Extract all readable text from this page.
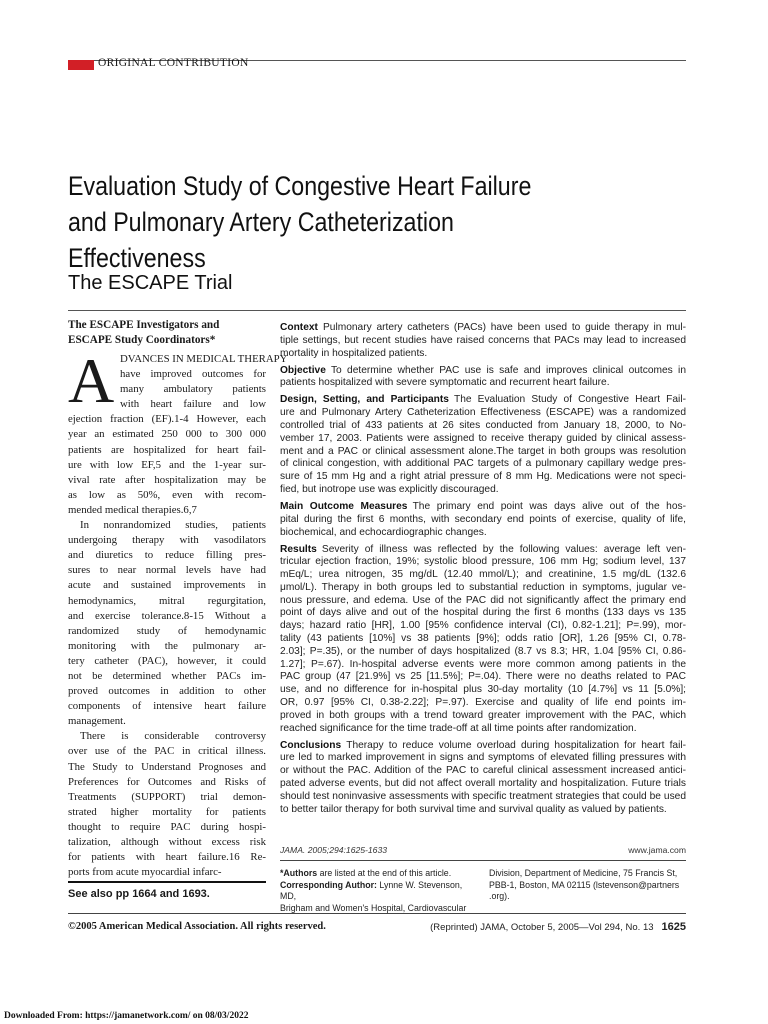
ORIGINAL CONTRIBUTION
Evaluation Study of Congestive Heart Failure
and Pulmonary Artery Catheterization
Effectiveness
The ESCAPE Trial
The ESCAPE Investigators and
ESCAPE Study Coordinators*
A DVANCES IN MEDICAL THERAPY
have improved outcomes for
many ambulatory patients
with heart failure and low
ejection fraction (EF).1-4 However, each
year an estimated 250 000 to 300 000
patients are hospitalized for heart fail-
ure with low EF,5 and the 1-year sur-
vival rate after hospitalization may be
as low as 50%, even with recom-
mended medical therapies.6,7
In nonrandomized studies, patients
undergoing therapy with vasodilators
and diuretics to reduce filling pres-
sures to near normal levels have had
acute and sustained improvements in
hemodynamics, mitral regurgitation,
and exercise tolerance.8-15 Without a
randomized study of hemodynamic
monitoring with the pulmonary ar-
tery catheter (PAC), however, it could
not be determined whether PACs im-
proved outcomes in addition to other
components of intensive heart failure
management.
There is considerable controversy
over use of the PAC in critical illness.
The Study to Understand Prognoses and
Preferences for Outcomes and Risks of
Treatments (SUPPORT) trial demon-
strated higher mortality for patients
thought to require PAC during hospi-
talization, although without excess risk
for patients with heart failure.16 Re-
ports from acute myocardial infarc-
See also pp 1664 and 1693.
Context  Pulmonary artery catheters (PACs) have been used to guide therapy in mul-
tiple settings, but recent studies have raised concerns that PACs may lead to increased
mortality in hospitalized patients.
Objective  To determine whether PAC use is safe and improves clinical outcomes in
patients hospitalized with severe symptomatic and recurrent heart failure.
Design, Setting, and Participants  The Evaluation Study of Congestive Heart Fail-
ure and Pulmonary Artery Catheterization Effectiveness (ESCAPE) was a randomized
controlled trial of 433 patients at 26 sites conducted from January 18, 2000, to No-
vember 17, 2003. Patients were assigned to receive therapy guided by clinical assess-
ment and a PAC or clinical assessment alone.The target in both groups was resolution
of clinical congestion, with additional PAC targets of a pulmonary capillary wedge pres-
sure of 15 mm Hg and a right atrial pressure of 8 mm Hg. Medications were not speci-
fied, but inotrope use was explicitly discouraged.
Main Outcome Measures  The primary end point was days alive out of the hos-
pital during the first 6 months, with secondary end points of exercise, quality of life,
biochemical, and echocardiographic changes.
Results  Severity of illness was reflected by the following values: average left ven-
tricular ejection fraction, 19%; systolic blood pressure, 106 mm Hg; sodium level, 137
mEq/L; urea nitrogen, 35 mg/dL (12.40 mmol/L); and creatinine, 1.5 mg/dL (132.6
μmol/L). Therapy in both groups led to substantial reduction in symptoms, jugular ve-
nous pressure, and edema. Use of the PAC did not significantly affect the primary end
point of days alive and out of the hospital during the first 6 months (133 days vs 135
days; hazard ratio [HR], 1.00 [95% confidence interval (CI), 0.82-1.21]; P=.99), mor-
tality (43 patients [10%] vs 38 patients [9%]; odds ratio [OR], 1.26 [95% CI, 0.78-
2.03]; P=.35), or the number of days hospitalized (8.7 vs 8.3; HR, 1.04 [95% CI, 0.86-
1.27]; P=.67). In-hospital adverse events were more common among patients in the
PAC group (47 [21.9%] vs 25 [11.5%]; P=.04). There were no deaths related to PAC
use, and no difference for in-hospital plus 30-day mortality (10 [4.7%] vs 11 [5.0%];
OR, 0.97 [95% CI, 0.38-2.22]; P=.97). Exercise and quality of life end points im-
proved in both groups with a trend toward greater improvement with the PAC, which
reached significance for the time trade-off at all time points after randomization.
Conclusions  Therapy to reduce volume overload during hospitalization for heart fail-
ure led to marked improvement in signs and symptoms of elevated filling pressures with
or without the PAC. Addition of the PAC to careful clinical assessment increased antici-
pated adverse events, but did not affect overall mortality and hospitalization. Future trials
should test noninvasive assessments with specific treatment strategies that could be used
to better tailor therapy for both survival time and survival quality as valued by patients.
JAMA. 2005;294:1625-1633	www.jama.com
*Authors are listed at the end of this article.
Corresponding Author: Lynne W. Stevenson, MD,
Brigham and Women's Hospital, Cardiovascular
Division, Department of Medicine, 75 Francis St,
PBB-1, Boston, MA 02115 (lstevenson@partners
.org).
©2005 American Medical Association. All rights reserved.	(Reprinted) JAMA, October 5, 2005—Vol 294, No. 13 1625
Downloaded From: https://jamanetwork.com/ on 08/03/2022
